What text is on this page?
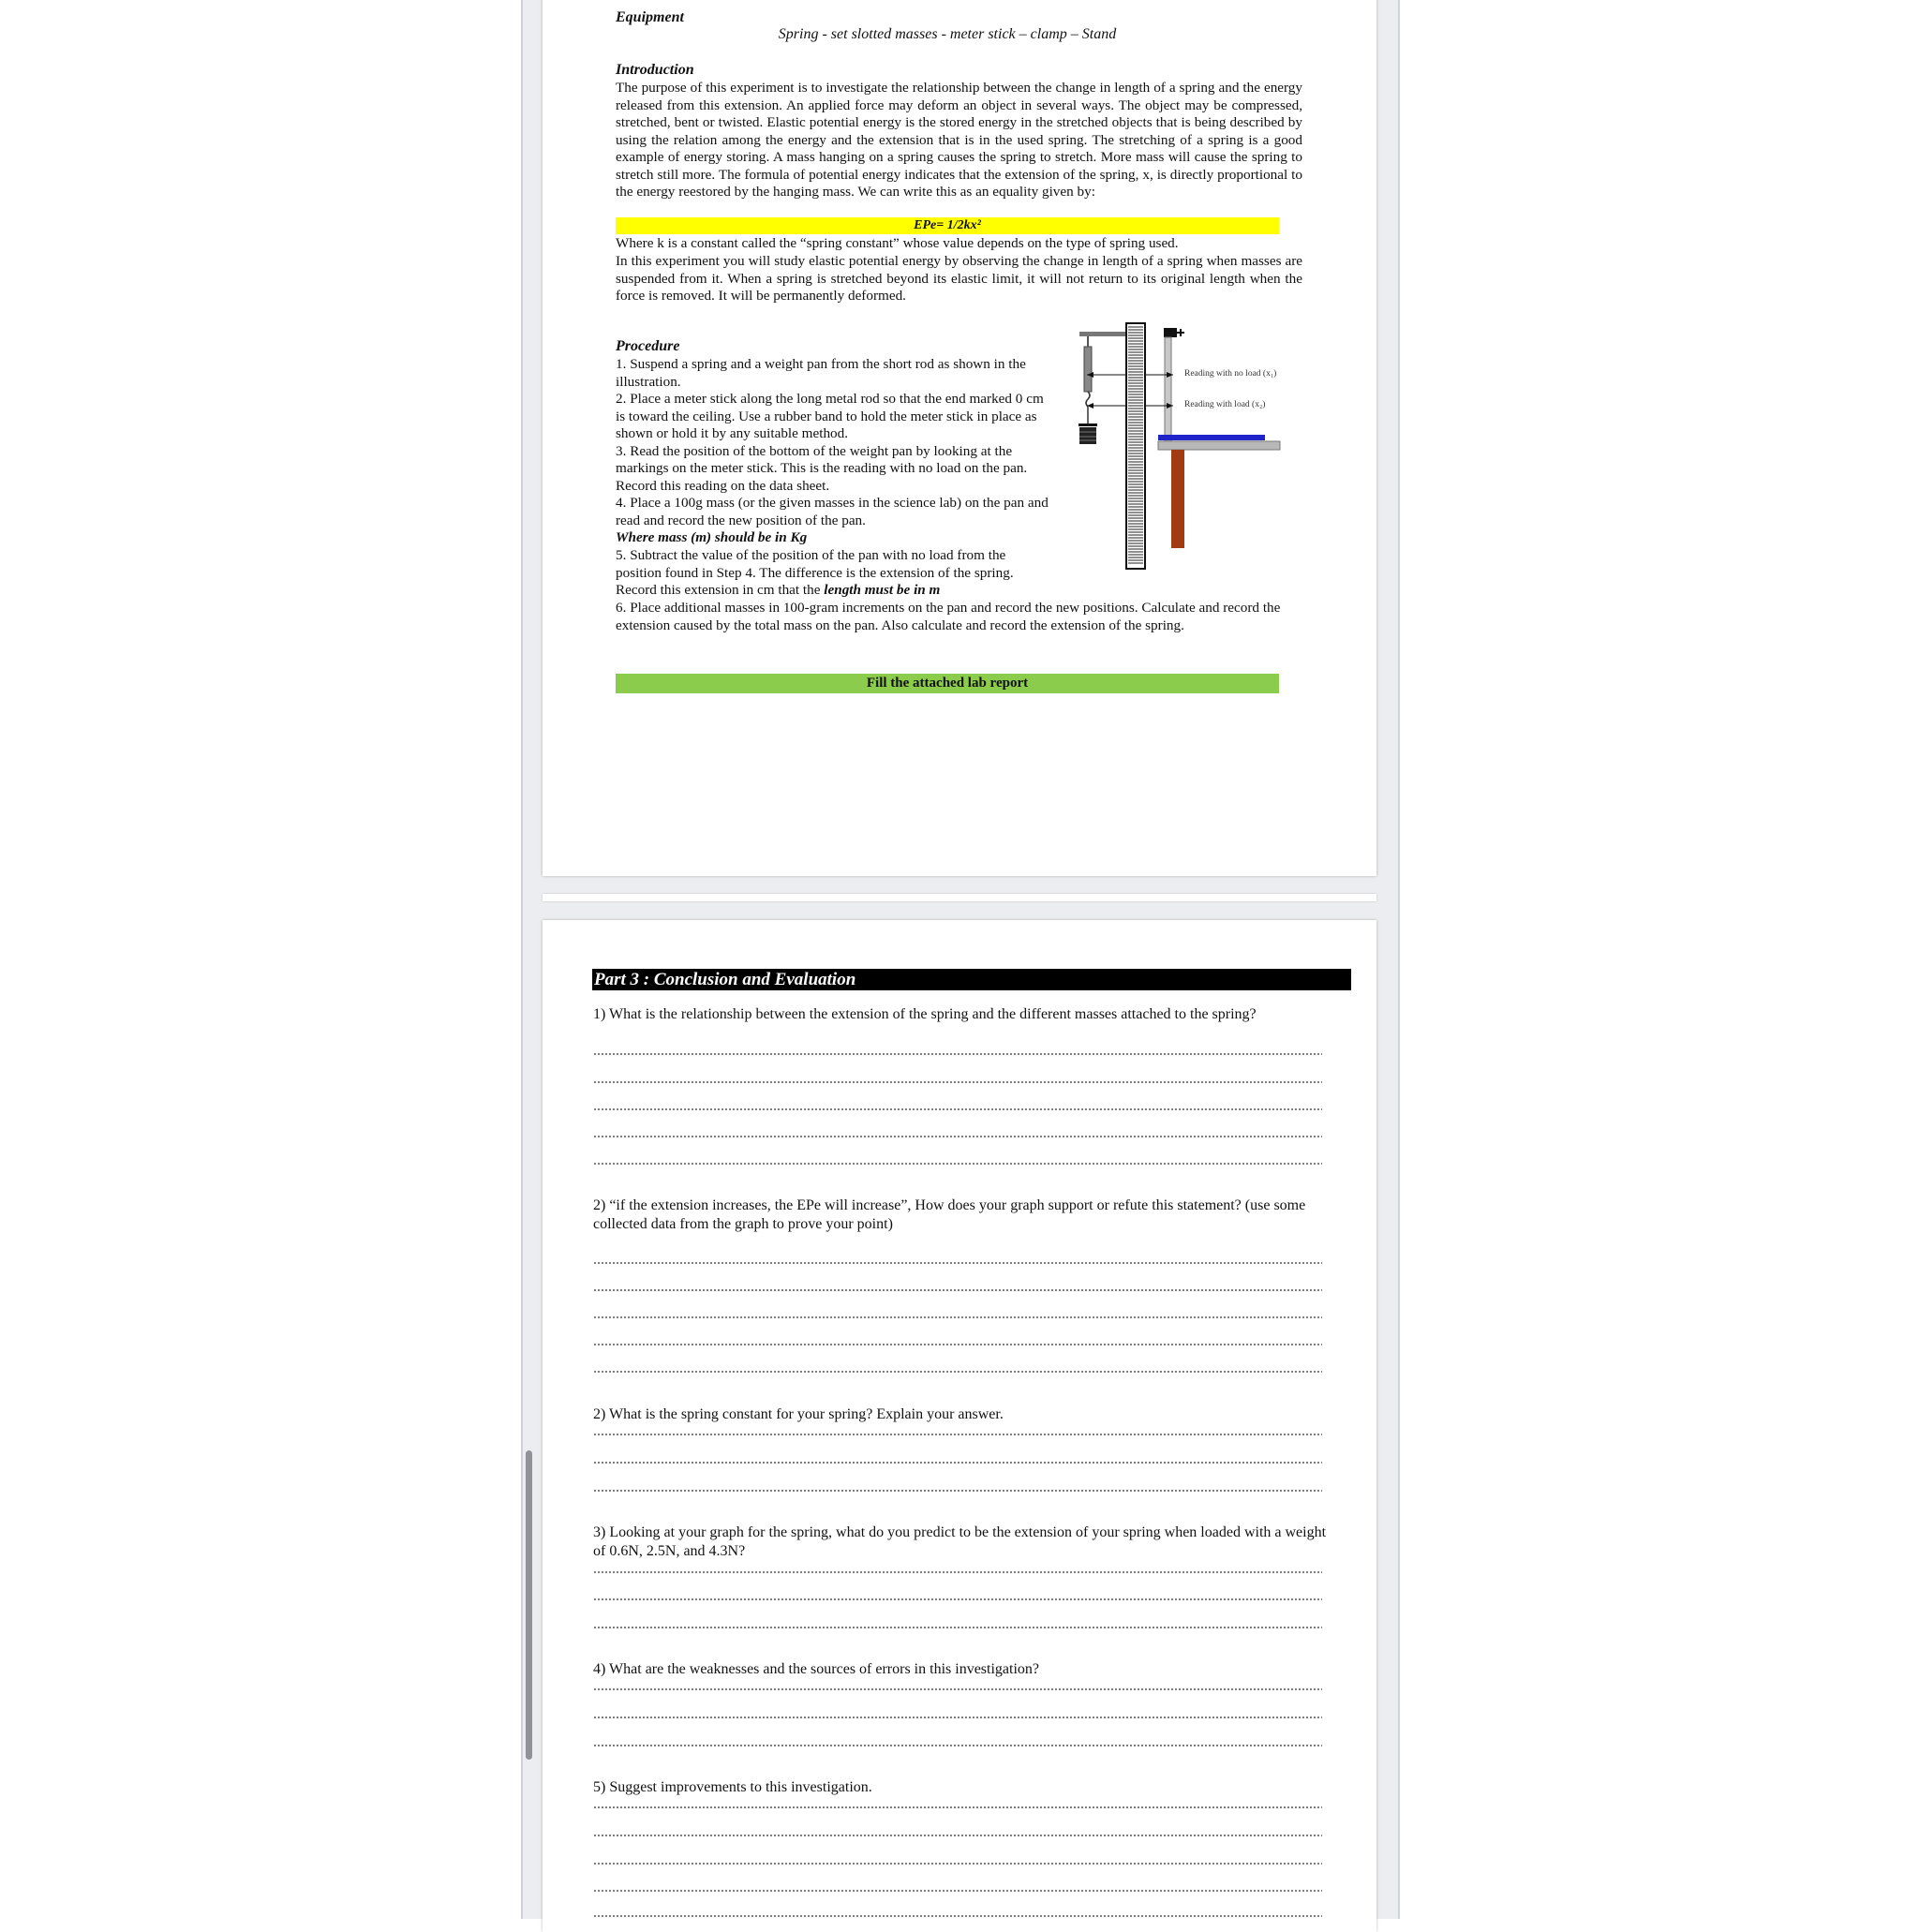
Equipment
Spring - set slotted masses - meter stick – clamp – Stand
Introduction
The purpose of this experiment is to investigate the relationship between the change in length of a spring and the energy released from this extension. An applied force may deform an object in several ways. The object may be compressed, stretched, bent or twisted. Elastic potential energy is the stored energy in the stretched objects that is being described by using the relation among the energy and the extension that is in the used spring. The stretching of a spring is a good example of energy storing. A mass hanging on a spring causes the spring to stretch. More mass will cause the spring to stretch still more. The formula of potential energy indicates that the extension of the spring, x, is directly proportional to the energy reestored by the hanging mass. We can write this as an equality given by:
EPe= 1/2kx²
Where k is a constant called the “spring constant” whose value depends on the type of spring used.
In this experiment you will study elastic potential energy by observing the change in length of a spring when masses are suspended from it. When a spring is stretched beyond its elastic limit, it will not return to its original length when the force is removed. It will be permanently deformed.
Procedure
1. Suspend a spring and a weight pan from the short rod as shown in the illustration.
2. Place a meter stick along the long metal rod so that the end marked 0 cm is toward the ceiling. Use a rubber band to hold the meter stick in place as shown or hold it by any suitable method.
3. Read the position of the bottom of the weight pan by looking at the markings on the meter stick. This is the reading with no load on the pan. Record this reading on the data sheet.
4. Place a 100g mass (or the given masses in the science lab) on the pan and read and record the new position of the pan.
Where mass (m) should be in Kg
5. Subtract the value of the position of the pan with no load from the position found in Step 4. The difference is the extension of the spring. Record this extension in cm that the length must be in m
6. Place additional masses in 100-gram increments on the pan and record the new positions. Calculate and record the extension caused by the total mass on the pan. Also calculate and record the extension of the spring.
Reading with no load (x₁)
Reading with load (x₂)
Fill the attached lab report
Part 3 : Conclusion and Evaluation
1) What is the relationship between the extension of the spring and the different masses attached to the spring?
2) “if the extension increases, the EPe will increase”, How does your graph support or refute this statement? (use some collected data from the graph to prove your point)
2) What is the spring constant for your spring? Explain your answer.
3) Looking at your graph for the spring, what do you predict to be the extension of your spring when loaded with a weight of 0.6N, 2.5N, and 4.3N?
4) What are the weaknesses and the sources of errors in this investigation?
5) Suggest improvements to this investigation.
